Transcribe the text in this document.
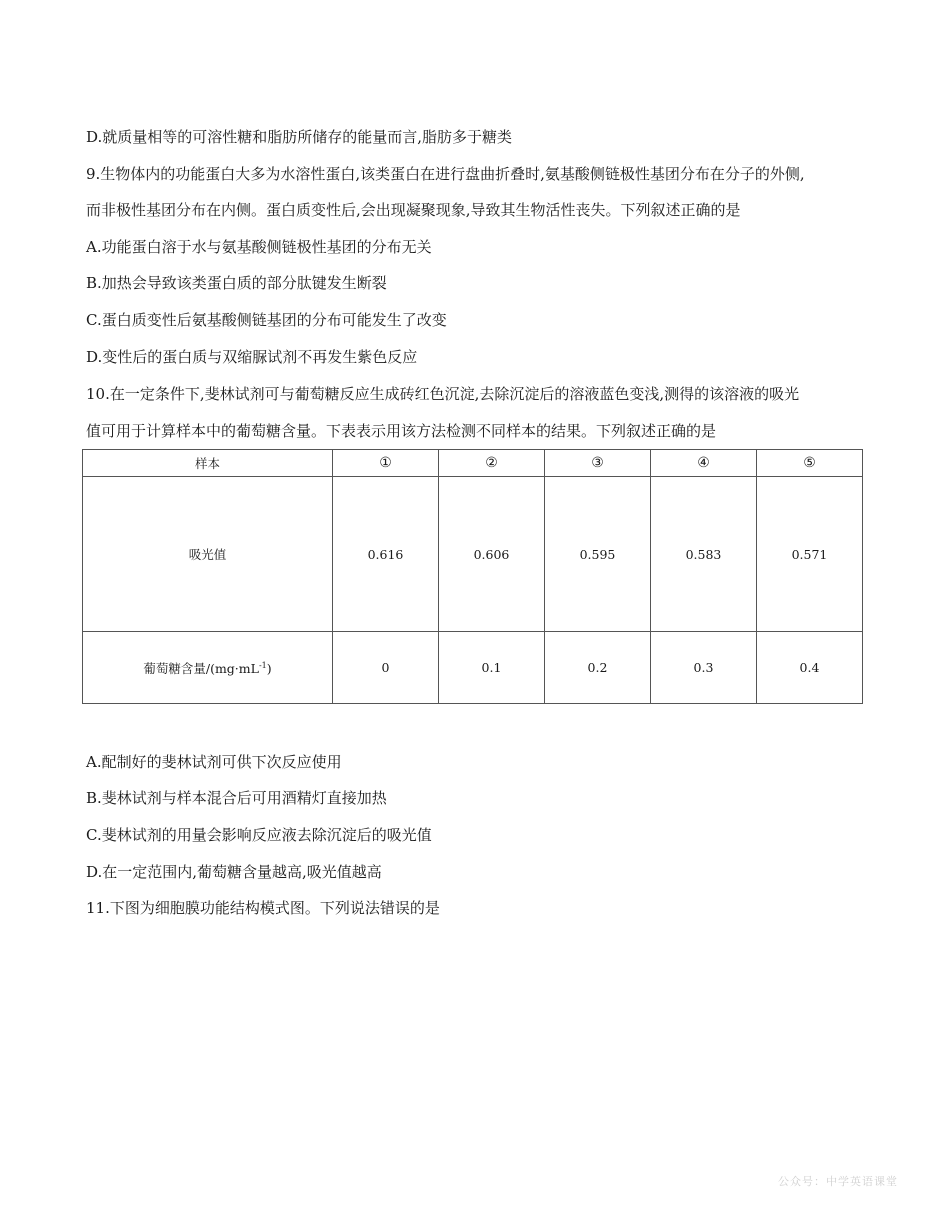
D.就质量相等的可溶性糖和脂肪所储存的能量而言,脂肪多于糖类
9.生物体内的功能蛋白大多为水溶性蛋白,该类蛋白在进行盘曲折叠时,氨基酸侧链极性基团分布在分子的外侧,
而非极性基团分布在内侧。蛋白质变性后,会出现凝聚现象,导致其生物活性丧失。下列叙述正确的是
A.功能蛋白溶于水与氨基酸侧链极性基团的分布无关
B.加热会导致该类蛋白质的部分肽键发生断裂
C.蛋白质变性后氨基酸侧链基团的分布可能发生了改变
D.变性后的蛋白质与双缩脲试剂不再发生紫色反应
10.在一定条件下,斐林试剂可与葡萄糖反应生成砖红色沉淀,去除沉淀后的溶液蓝色变浅,测得的该溶液的吸光
值可用于计算样本中的葡萄糖含量。下表表示用该方法检测不同样本的结果。下列叙述正确的是
样本	①	②	③	④	⑤
吸光值	0.616	0.606	0.595	0.583	0.571
葡萄糖含量$/(mg\cdot mL^{-1})$	0	0.1	0.2	0.3	0.4
A.配制好的斐林试剂可供下次反应使用
B.斐林试剂与样本混合后可用酒精灯直接加热
C.斐林试剂的用量会影响反应液去除沉淀后的吸光值
D.在一定范围内,葡萄糖含量越高,吸光值越高
11.下图为细胞膜功能结构模式图。下列说法错误的是
公众号：中学英语课堂
